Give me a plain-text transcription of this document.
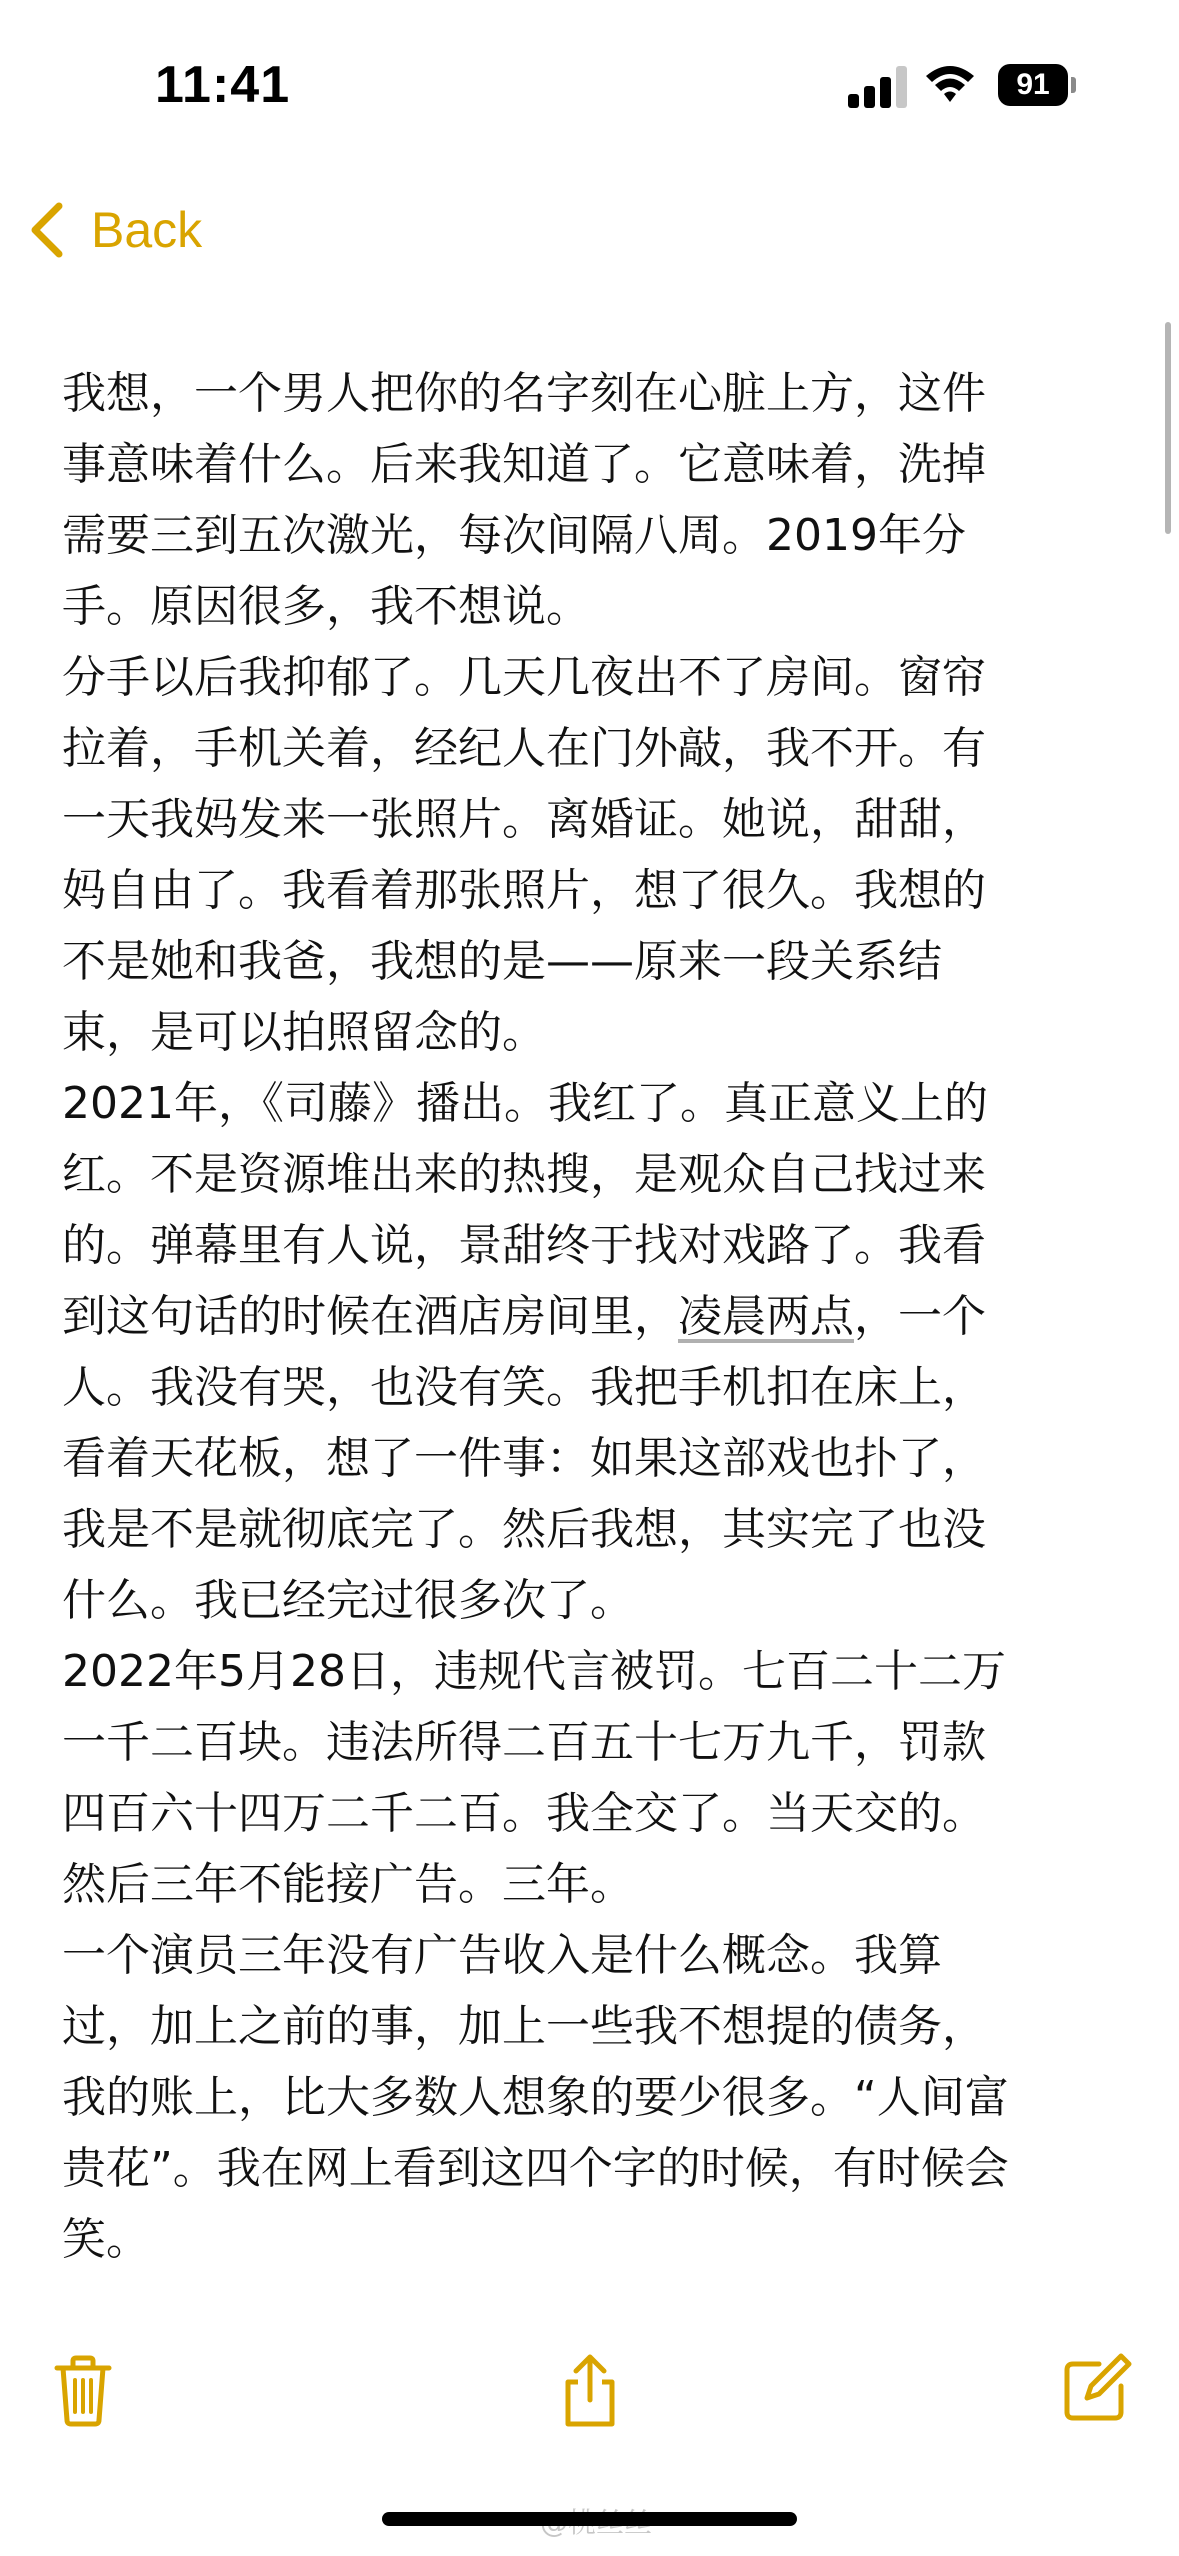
11:41	91
Back
我想，一个男人把你的名字刻在心脏上方，这件
事意味着什么。后来我知道了。它意味着，洗掉
需要三到五次激光，每次间隔八周。2019年分
手。原因很多，我不想说。
分手以后我抑郁了。几天几夜出不了房间。窗帘
拉着，手机关着，经纪人在门外敲，我不开。有
一天我妈发来一张照片。离婚证。她说，甜甜，
妈自由了。我看着那张照片，想了很久。我想的
不是她和我爸，我想的是——原来一段关系结
束，是可以拍照留念的。
2021年，《司藤》播出。我红了。真正意义上的
红。不是资源堆出来的热搜，是观众自己找过来
的。弹幕里有人说，景甜终于找对戏路了。我看
到这句话的时候在酒店房间里，凌晨两点，一个
人。我没有哭，也没有笑。我把手机扣在床上，
看着天花板，想了一件事：如果这部戏也扑了，
我是不是就彻底完了。然后我想，其实完了也没
什么。我已经完过很多次了。
2022年5月28日，违规代言被罚。七百二十二万
一千二百块。违法所得二百五十七万九千，罚款
四百六十四万二千二百。我全交了。当天交的。
然后三年不能接广告。三年。
一个演员三年没有广告收入是什么概念。我算
过，加上之前的事，加上一些我不想提的债务，
我的账上，比大多数人想象的要少很多。“人间富
贵花”。我在网上看到这四个字的时候，有时候会
笑。
